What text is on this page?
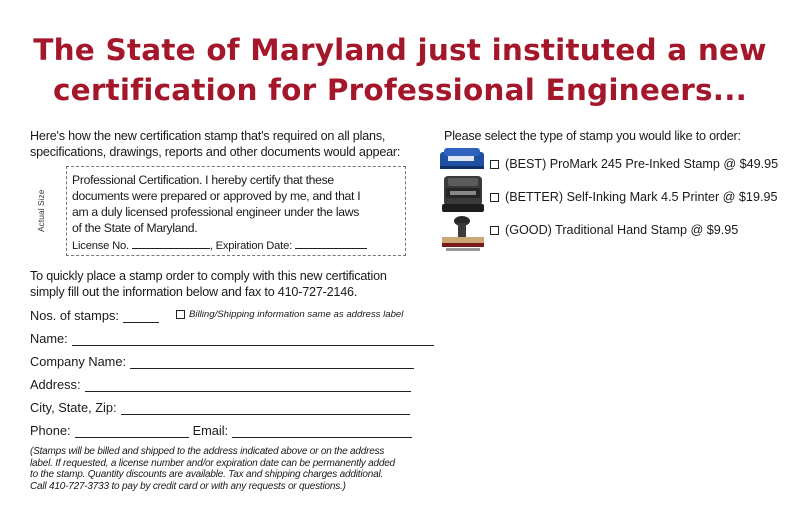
The State of Maryland just instituted a new
certification for Professional Engineers...
Here's how the new certification stamp that's required on all plans,
specifications, drawings, reports and other documents would appear:
Actual Size
Professional Certification. I hereby certify that these
documents were prepared or approved by me, and that I
am a duly licensed professional engineer under the laws
of the State of Maryland.
License No.	, Expiration Date:
To quickly place a stamp order to comply with this new certification
simply fill out the information below and fax to 410-727-2146.
Nos. of stamps:	Billing/Shipping information same as address label
Name:
Company Name:
Address:
City, State, Zip:
Phone:	Email:
(Stamps will be billed and shipped to the address indicated above or on the address
label. If requested, a license number and/or expiration date can be permanently added
to the stamp. Quantity discounts are available. Tax and shipping charges additional.
Call 410-727-3733 to pay by credit card or with any requests or questions.)
Please select the type of stamp you would like to order:
(BEST) ProMark 245 Pre-Inked Stamp @ $49.95
(BETTER) Self-Inking Mark 4.5 Printer @ $19.95
(GOOD) Traditional Hand Stamp @ $9.95
